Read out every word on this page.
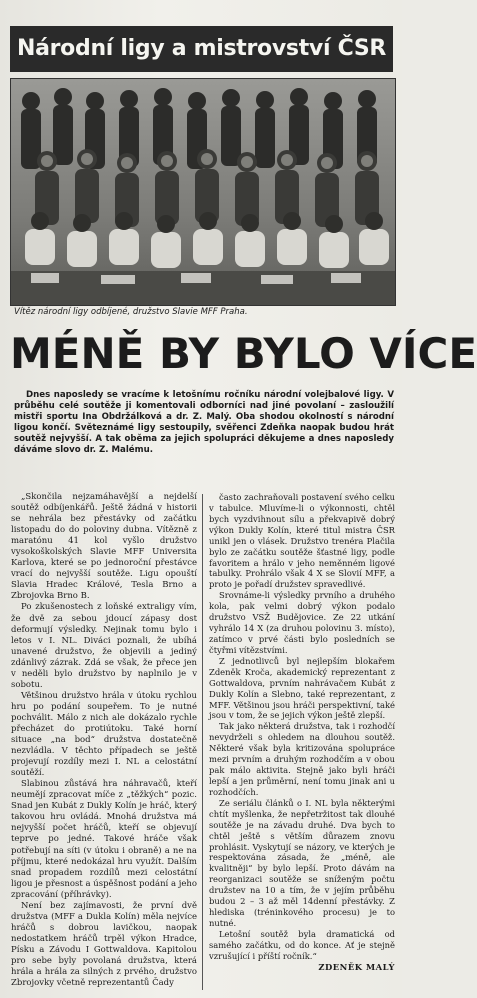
Národní ligy a mistrovství ČSR
Vítěz národní ligy odbíjené, družstvo Slavie MFF Praha.
MÉNĚ BY BYLO VÍCE
Dnes naposledy se vracíme k letošnímu ročníku národní volejbalové ligy. V průběhu celé soutěže ji komentovali odborníci nad jiné povolaní – zasloužilí mistři sportu Ina Obdržálková a dr. Z. Malý. Oba shodou okolností s národní ligou končí. Světeznámé ligy sestoupily, svěřenci Zdeňka naopak budou hrát soutěž nejvyšší. A tak oběma za jejich spolupráci děkujeme a dnes naposledy dáváme slovo dr. Z. Malému.

„Skončila nejzamáhavější a nejdelší soutěž odbíjenkářů. Ještě žádná v historii se nehrála bez přestávky od začátku listopadu do do poloviny dubna. Vítězně z maratónu 41 kol vyšlo družstvo vysokoškolských Slavie MFF Universita Karlova, které se po jednoroční přestávce vrací do nejvyšší soutěže. Ligu opouští Slavia Hradec Králové, Tesla Brno a Zbrojovka Brno B.

Po zkušenostech z loňské extraligy vím, že dvě za sebou jdoucí zápasy dost deformují výsledky. Nejinak tomu bylo i letos v I. NL. Diváci poznali, že ubíhá unavené družstvo, že objevili a jediný zdánlivý zázrak. Zdá se však, že přece jen v neděli bylo družstvo by naplnilo je v sobotu.

Většinou družstvo hrála v útoku rychlou hru po podání soupeřem. To je nutné pochválit. Málo z nich ale dokázalo rychle přecházet do protiútoku. Také horní situace „na bod“ družstva dostatečně nezvládla. V těchto případech se ještě projevují rozdíly mezi I. NL a celostátní soutěží.

Slabinou zůstává hra náhravačů, kteří neumějí zpracovat míče z „těžkých“ pozic. Snad jen Kubát z Dukly Kolín je hráč, který takovou hru ovládá. Mnohá družstva má nejvyšší počet hráčů, kteří se objevují teprve po jedné. Takové hráče však potřebují na síti (v útoku i obraně) a ne na příjmu, které nedokázal hru využít. Dalším snad propadem rozdílů mezi celostátní ligou je přesnost a úspěšnost podání a jeho zpracování (příhrávky).

Není bez zajímavosti, že první dvě družstva (MFF a Dukla Kolín) měla nejvíce hráčů s dobrou lavičkou, naopak nedostatkem hráčů trpěl výkon Hradce, Písku a Závodu I Gottwaldova. Kapitolou pro sebe byly povolaná družstva, která hrála a hrála za silných z prvého, družstvo Zbrojovky včetně reprezentantů Čady

často zachraňovali postavení svého celku v tabulce. Mluvíme-li o výkonnosti, chtěl bych vyzdvihnout sílu a překvapivě dobrý výkon Dukly Kolín, které titul mistra ČSR unikl jen o vlásek. Družstvo trenéra Plačila bylo ze začátku soutěže šťastné ligy, podle favoritem a hrálo v jeho neměnném ligové tabulky. Prohrálo však 4 X se Slovií MFF, a proto je pořadí družstev spravedlivé.

Srovnáme-li výsledky prvního a druhého kola, pak velmi dobrý výkon podalo družstvo VSŽ Budějovice. Ze 22 utkání vyhrálo 14 X (za druhou polovinu 3. místo), zatímco v prvé části bylo posledních se čtyřmi vítězstvími.

Z jednotlivců byl nejlepším blokařem Zdeněk Kroča, akademický reprezentant z Gottwaldova, prvním nahrávačem Kubát z Dukly Kolín a Slebno, také reprezentant, z MFF. Většinou jsou hráči perspektivní, také jsou v tom, že se jejich výkon ještě zlepší.

Tak jako některá družstva, tak i rozhodčí nevydrželi s ohledem na dlouhou soutěž. Některé však byla kritizována spolupráce mezi prvním a druhým rozhodčím a v obou pak málo aktivita. Stejně jako byli hráči lepší a jen průměrní, není tomu jinak ani u rozhodčích.

Ze seriálu článků o I. NL byla některými chtít myšlenka, že nepřetržitost tak dlouhé soutěže je na závadu druhé. Dva bych to chtěl ještě s větším důrazem znovu prohlásit. Vyskytují se názory, ve kterých je respektována zásada, že „méně, ale kvalitněji“ by bylo lepší. Proto dávám na reorganizaci soutěže se sníženým počtu družstev na 10 a tím, že v jejím průběhu budou 2 – 3 až měl 14denní přestávky. Z hlediska (tréninkového procesu) je to nutné.

Letošní soutěž byla dramatická od samého začátku, od do konce. Ať je stejně vzrušující i příští ročník.“

ZDENĚK MALÝ
